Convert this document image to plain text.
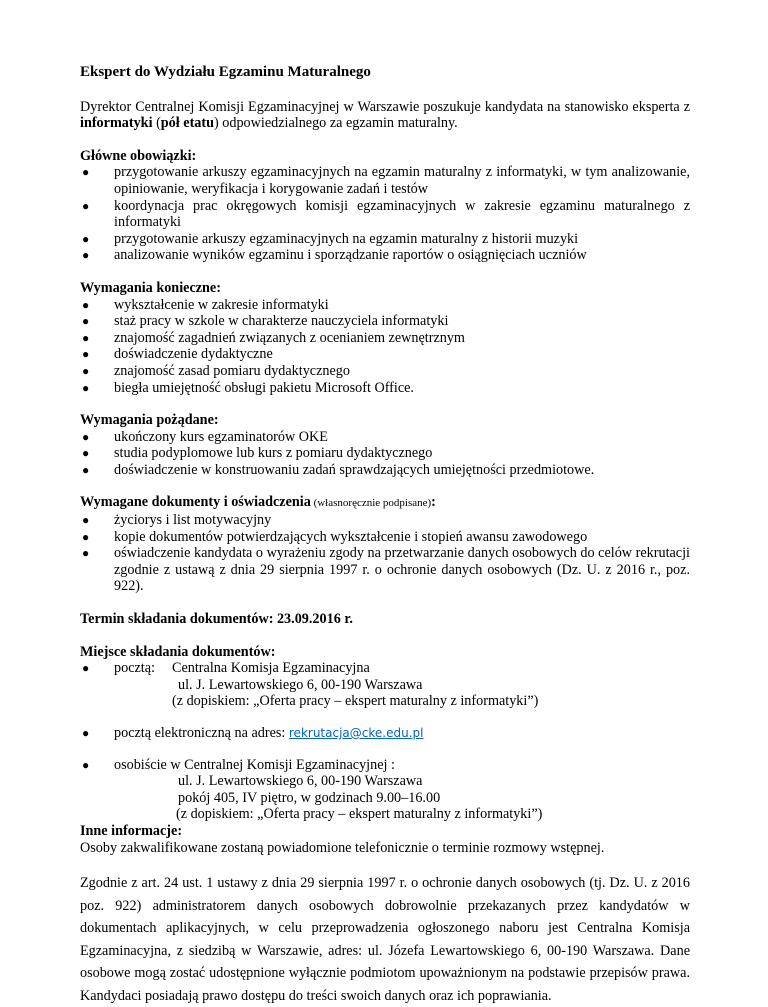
Ekspert do Wydziału Egzaminu Maturalnego

Dyrektor Centralnej Komisji Egzaminacyjnej w Warszawie poszukuje kandydata na stanowisko eksperta z informatyki (pół etatu) odpowiedzialnego za egzamin maturalny.

Główne obowiązki:

● przygotowanie arkuszy egzaminacyjnych na egzamin maturalny z informatyki, w tym analizowanie, opiniowanie, weryfikacja i korygowanie zadań i testów
● koordynacja prac okręgowych komisji egzaminacyjnych w zakresie egzaminu maturalnego z informatyki
● przygotowanie arkuszy egzaminacyjnych na egzamin maturalny z historii muzyki
● analizowanie wyników egzaminu i sporządzanie raportów o osiągnięciach uczniów

Wymagania konieczne:

● wykształcenie w zakresie informatyki
● staż pracy w szkole w charakterze nauczyciela informatyki
● znajomość zagadnień związanych z ocenianiem zewnętrznym
● doświadczenie dydaktyczne
● znajomość zasad pomiaru dydaktycznego
● biegła umiejętność obsługi pakietu Microsoft Office.

Wymagania pożądane:

● ukończony kurs egzaminatorów OKE
● studia podyplomowe lub kurs z pomiaru dydaktycznego
● doświadczenie w konstruowaniu zadań sprawdzających umiejętności przedmiotowe.

Wymagane dokumenty i oświadczenia (własnoręcznie podpisane):

● życiorys i list motywacyjny
● kopie dokumentów potwierdzających wykształcenie i stopień awansu zawodowego
● oświadczenie kandydata o wyrażeniu zgody na przetwarzanie danych osobowych do celów rekrutacji zgodnie z ustawą z dnia 29 sierpnia 1997 r. o ochronie danych osobowych (Dz. U. z 2016 r., poz. 922).

Termin składania dokumentów: 23.09.2016 r.

Miejsce składania dokumentów:

● pocztą:	Centralna Komisja Egzaminacyjna
ul. J. Lewartowskiego 6, 00-190 Warszawa
(z dopiskiem: „Oferta pracy – ekspert maturalny z informatyki”)
● pocztą elektroniczną na adres: rekrutacja@cke.edu.pl
● osobiście w Centralnej Komisji Egzaminacyjnej :
ul. J. Lewartowskiego 6, 00-190 Warszawa
pokój 405, IV piętro, w godzinach 9.00–16.00
(z dopiskiem: „Oferta pracy – ekspert maturalny z informatyki”)

Inne informacje:

Osoby zakwalifikowane zostaną powiadomione telefonicznie o terminie rozmowy wstępnej.

Zgodnie z art. 24 ust. 1 ustawy z dnia 29 sierpnia 1997 r. o ochronie danych osobowych (tj. Dz. U. z 2016 poz. 922) administratorem danych osobowych dobrowolnie przekazanych przez kandydatów w dokumentach aplikacyjnych, w celu przeprowadzenia ogłoszonego naboru jest Centralna Komisja Egzaminacyjna, z siedzibą w Warszawie, adres: ul. Józefa Lewartowskiego 6, 00-190 Warszawa. Dane osobowe mogą zostać udostępnione wyłącznie podmiotom upoważnionym na podstawie przepisów prawa. Kandydaci posiadają prawo dostępu do treści swoich danych oraz ich poprawiania.
